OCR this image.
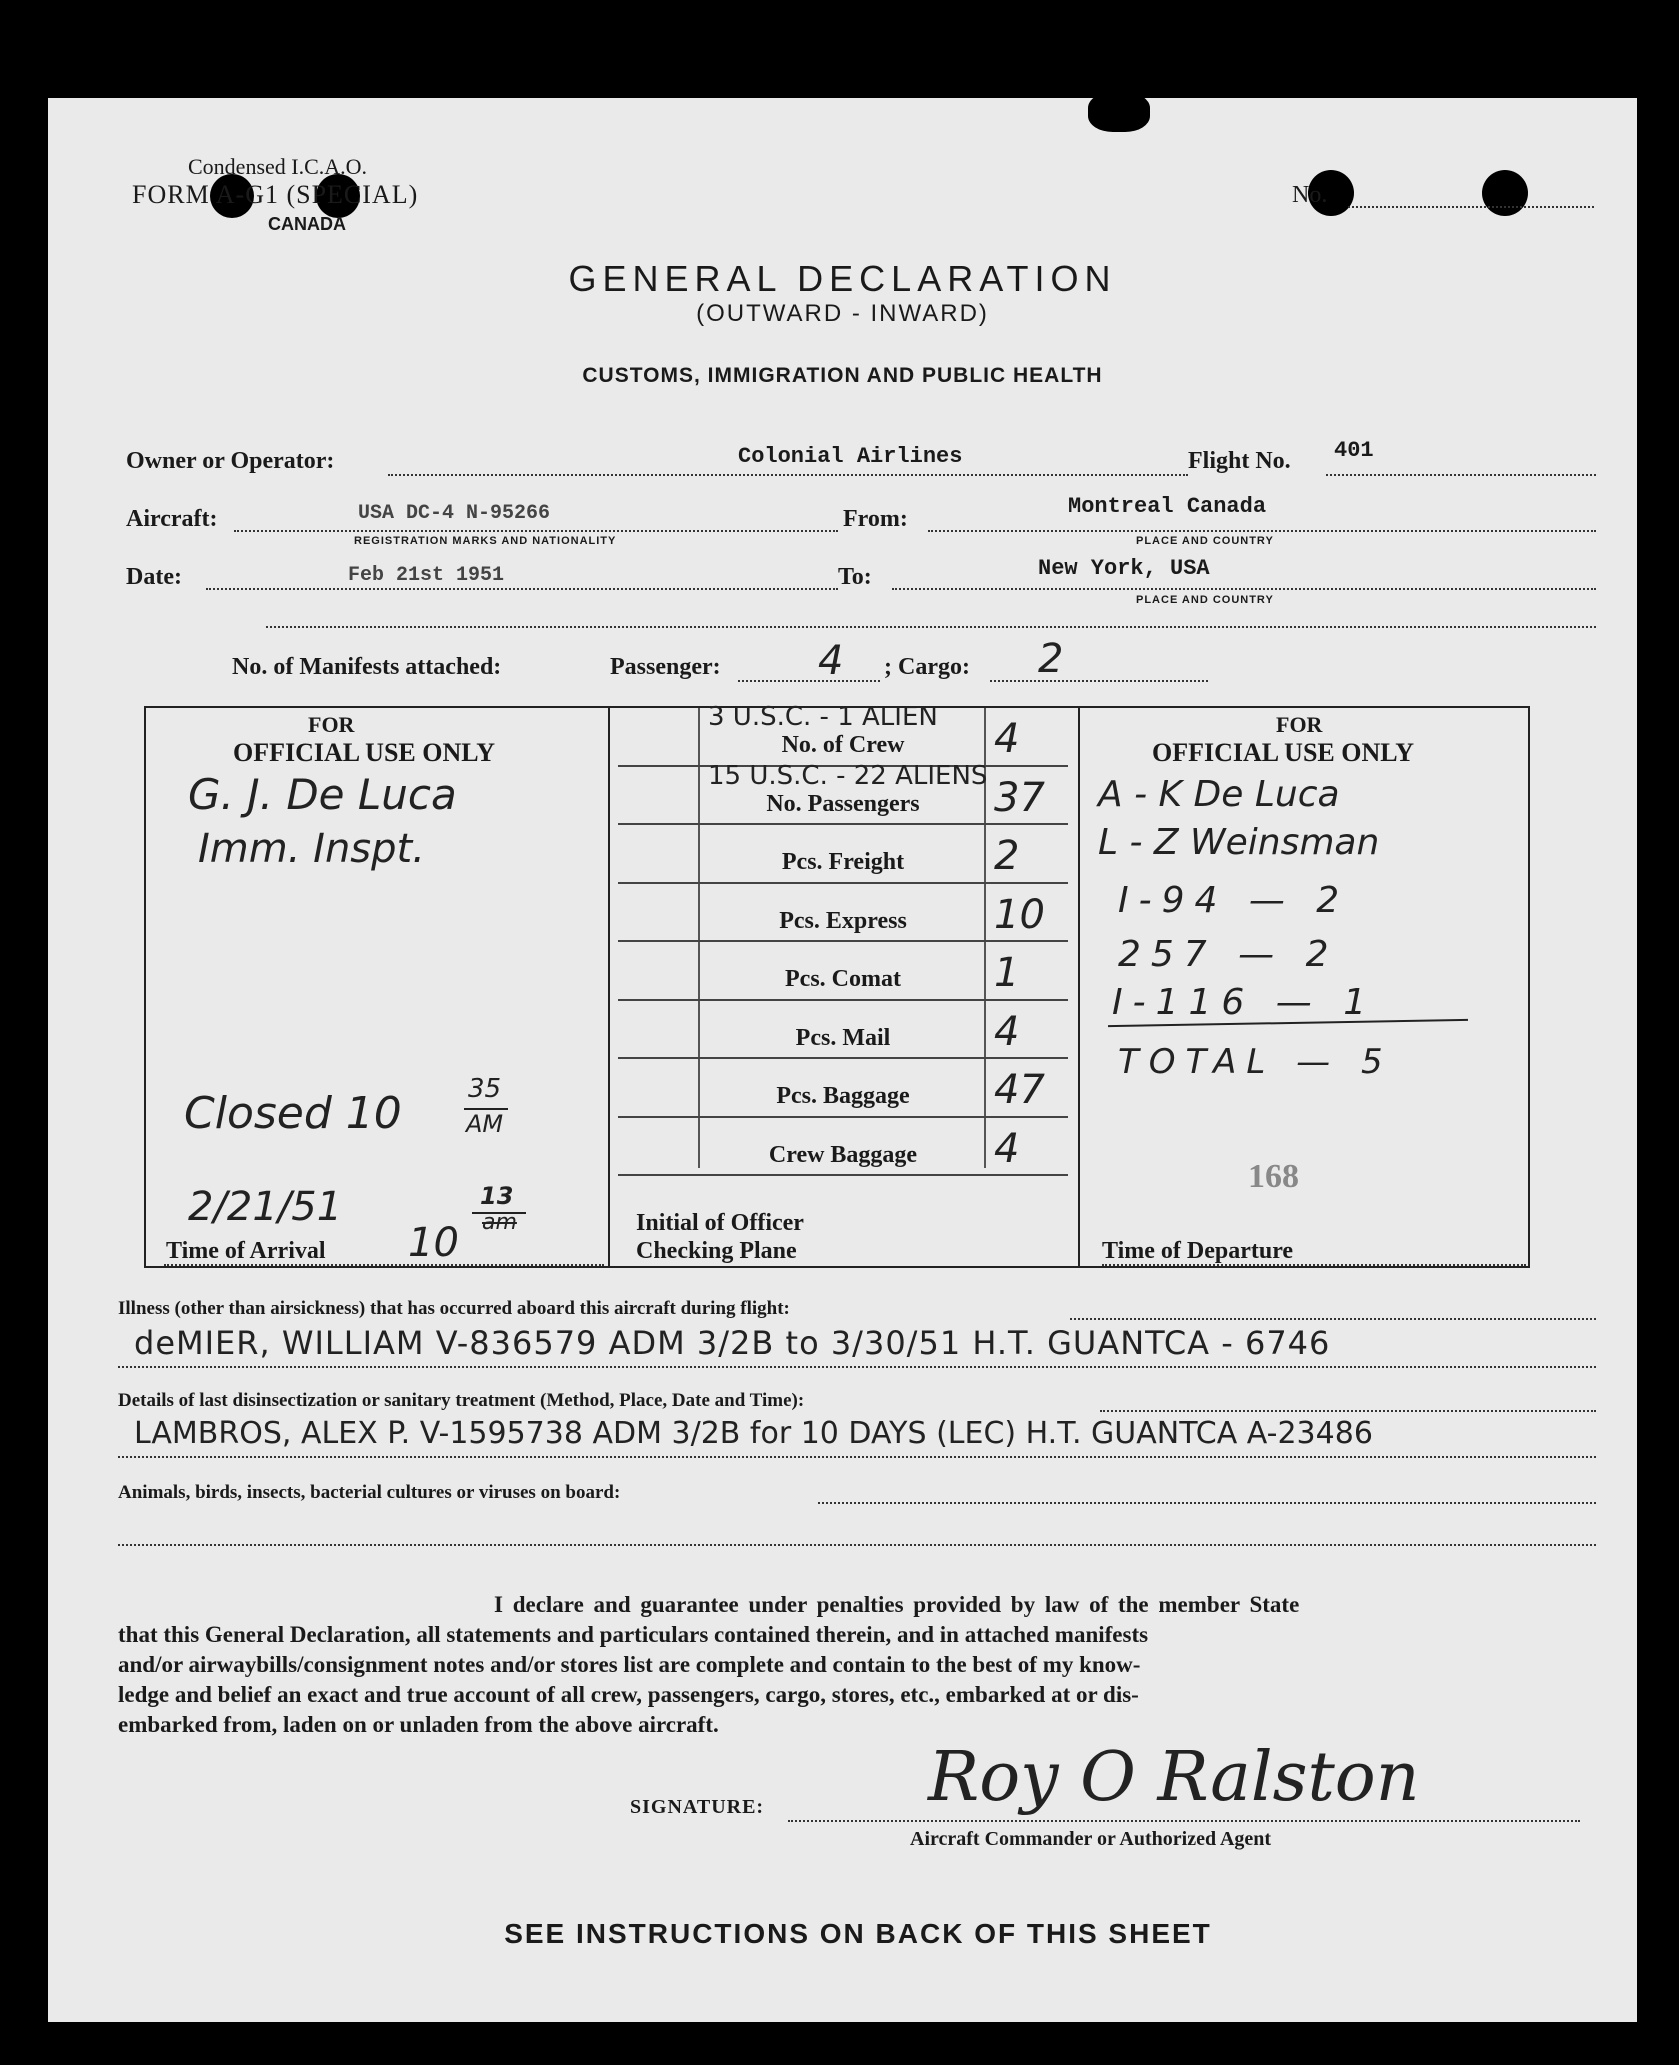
Condensed I.C.A.O.
FORM A-G1 (SPECIAL)
CANADA
No.
GENERAL DECLARATION
(OUTWARD - INWARD)
CUSTOMS, IMMIGRATION AND PUBLIC HEALTH
Owner or Operator:	Colonial Airlines	Flight No. 401
Aircraft:	USA DC-4 N-95266
REGISTRATION MARKS AND NATIONALITY
From:	Montreal Canada
PLACE AND COUNTRY
Date:	Feb 21st 1951	To:	New York, USA
PLACE AND COUNTRY
No. of Manifests attached:	Passenger: 4 ; Cargo: 2
FOR
OFFICIAL USE ONLY
FOR
OFFICIAL USE ONLY
G. J. De Luca
Imm. Inspt.
Closed 10	35
AM
2/21/51
10
13
am
Time of Arrival
No. of Crew	4
3 U.S.C. - 1 ALIEN
No. Passengers	37
15 U.S.C. - 22 ALIENS
Pcs. Freight	2
Pcs. Express	10
Pcs. Comat	1
Pcs. Mail	4
Pcs. Baggage	47
Crew Baggage	4
Initial of Officer
Checking Plane
A - K De Luca
L - Z Weinsman
I-94 — 2
257 — 2
I-116 — 1
TOTAL — 5
168
Time of Departure
Illness (other than airsickness) that has occurred aboard this aircraft during flight:
deMIER, WILLIAM V-836579 ADM 3/2B to 3/30/51 H.T. GUANTCA - 6746
Details of last disinsectization or sanitary treatment (Method, Place, Date and Time):
LAMBROS, ALEX P. V-1595738 ADM 3/2B for 10 DAYS (LEC) H.T. GUANTCA A-23486
Animals, birds, insects, bacterial cultures or viruses on board:
I declare and guarantee under penalties provided by law of the member State
that this General Declaration, all statements and particulars contained therein, and in attached manifests
and/or airwaybills/consignment notes and/or stores list are complete and contain to the best of my know-
ledge and belief an exact and true account of all crew, passengers, cargo, stores, etc., embarked at or dis-
embarked from, laden on or unladen from the above aircraft.
SIGNATURE: Roy O Ralston
Aircraft Commander or Authorized Agent
SEE INSTRUCTIONS ON BACK OF THIS SHEET
